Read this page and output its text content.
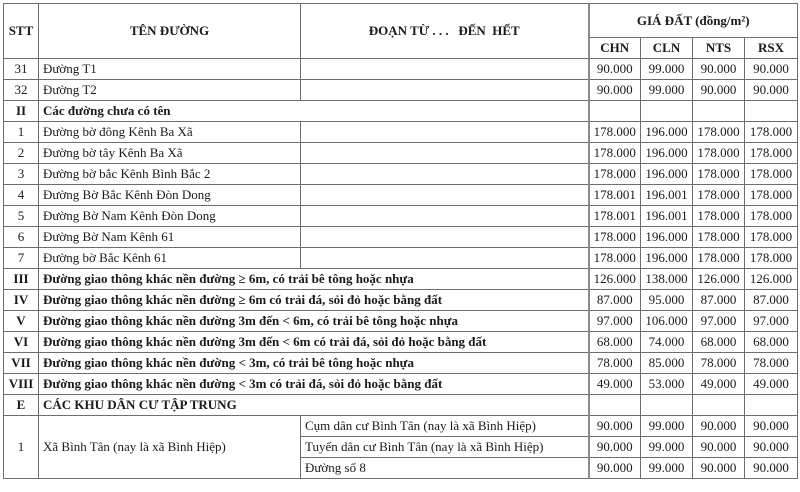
STT	TÊN ĐƯỜNG	ĐOẠN TỪ . . .   ĐẾN  HẾT	GIÁ ĐẤT (đồng/m²)			
			CHN	CLN	NTS	RSX
31	Đường T1		90.000	99.000	90.000	90.000
32	Đường T2		90.000	99.000	90.000	90.000
II	Các đường chưa có tên					
1	Đường bờ đông Kênh Ba Xã		178.000	196.000	178.000	178.000
2	Đường bờ tây Kênh Ba Xã		178.000	196.000	178.000	178.000
3	Đường bờ bắc Kênh Bình Bắc 2		178.000	196.000	178.000	178.000
4	Đường Bờ Bắc Kênh Đòn Dong		178.001	196.001	178.000	178.000
5	Đường Bờ Nam Kênh Đòn Dong		178.001	196.001	178.000	178.000
6	Đường Bờ Nam Kênh 61		178.000	196.000	178.000	178.000
7	Đường bờ Bắc Kênh 61		178.000	196.000	178.000	178.000
III	Đường giao thông khác nền đường ≥ 6m, có trải bê tông hoặc nhựa		126.000	138.000	126.000	126.000
IV	Đường giao thông khác nền đường ≥ 6m có trải đá, sỏi đỏ hoặc bằng đất		87.000	95.000	87.000	87.000
V	Đường giao thông khác nền đường 3m đến < 6m, có trải bê tông hoặc nhựa		97.000	106.000	97.000	97.000
VI	Đường giao thông khác nền đường 3m đến < 6m có trải đá, sỏi đỏ hoặc bằng đất		68.000	74.000	68.000	68.000
VII	Đường giao thông khác nền đường < 3m, có trải bê tông hoặc nhựa		78.000	85.000	78.000	78.000
VIII	Đường giao thông khác nền đường < 3m có trải đá, sỏi đỏ hoặc bằng đất		49.000	53.000	49.000	49.000
E	CÁC KHU DÂN CƯ TẬP TRUNG					
1	Xã Bình Tân (nay là xã Bình Hiệp)	Cụm dân cư Bình Tân (nay là xã Bình Hiệp)	90.000	99.000	90.000	90.000
		Tuyến dân cư Bình Tân (nay là xã Bình Hiệp)	90.000	99.000	90.000	90.000
		Đường số 8	90.000	99.000	90.000	90.000
